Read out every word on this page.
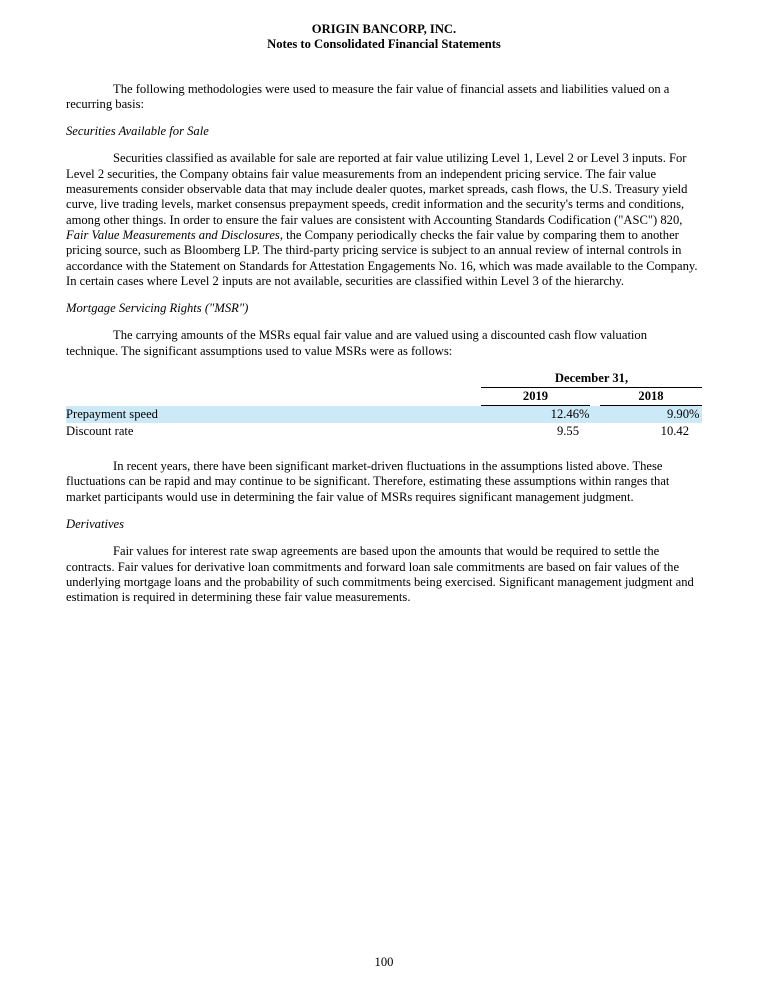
ORIGIN BANCORP, INC.
Notes to Consolidated Financial Statements

The following methodologies were used to measure the fair value of financial assets and liabilities valued on a recurring basis:

Securities Available for Sale

Securities classified as available for sale are reported at fair value utilizing Level 1, Level 2 or Level 3 inputs. For Level 2 securities, the Company obtains fair value measurements from an independent pricing service. The fair value measurements consider observable data that may include dealer quotes, market spreads, cash flows, the U.S. Treasury yield curve, live trading levels, market consensus prepayment speeds, credit information and the security's terms and conditions, among other things. In order to ensure the fair values are consistent with Accounting Standards Codification ("ASC") 820, Fair Value Measurements and Disclosures, the Company periodically checks the fair value by comparing them to another pricing source, such as Bloomberg LP. The third-party pricing service is subject to an annual review of internal controls in accordance with the Statement on Standards for Attestation Engagements No. 16, which was made available to the Company. In certain cases where Level 2 inputs are not available, securities are classified within Level 3 of the hierarchy.

Mortgage Servicing Rights ("MSR")

The carrying amounts of the MSRs equal fair value and are valued using a discounted cash flow valuation technique. The significant assumptions used to value MSRs were as follows:

	December 31,				
	2019			2018	
Prepayment speed	12.46	%		9.90	%
Discount rate	9.55			10.42	

In recent years, there have been significant market-driven fluctuations in the assumptions listed above. These fluctuations can be rapid and may continue to be significant. Therefore, estimating these assumptions within ranges that market participants would use in determining the fair value of MSRs requires significant management judgment.

Derivatives

Fair values for interest rate swap agreements are based upon the amounts that would be required to settle the contracts. Fair values for derivative loan commitments and forward loan sale commitments are based on fair values of the underlying mortgage loans and the probability of such commitments being exercised. Significant management judgment and estimation is required in determining these fair value measurements.

100
